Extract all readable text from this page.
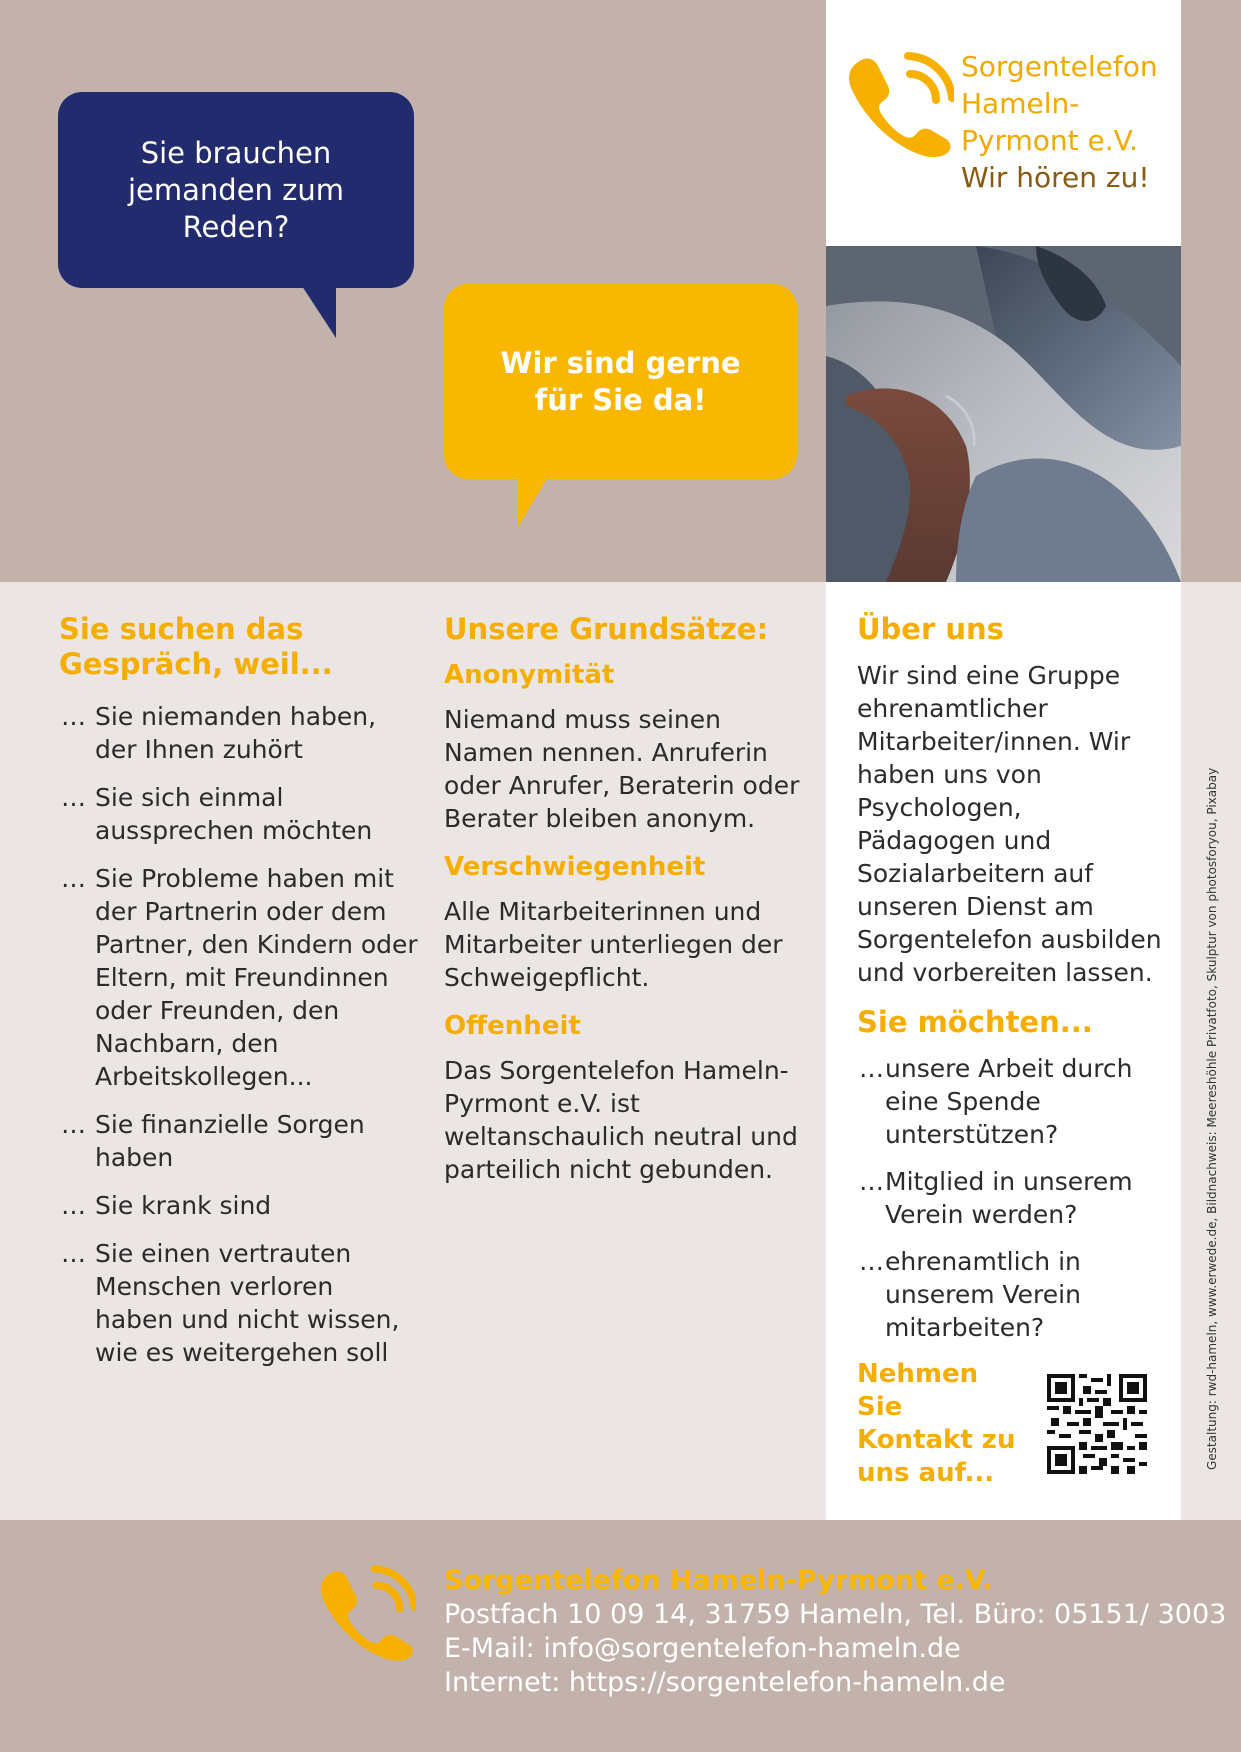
Sie brauchen
jemanden zum
Reden?
Wir sind gerne
für Sie da!
Sorgentelefon
Hameln-
Pyrmont e.V.
Wir hören zu!
Sie suchen das Gespräch, weil...
… Sie niemanden haben, der Ihnen zuhört
… Sie sich einmal aussprechen möchten
… Sie Probleme haben mit der Partnerin oder dem Partner, den Kindern oder Eltern, mit Freundinnen oder Freunden, den Nachbarn, den Arbeitskollegen...
… Sie finanzielle Sorgen haben
… Sie krank sind
… Sie einen vertrauten Menschen verloren haben und nicht wissen, wie es weitergehen soll
Unsere Grundsätze:
Anonymität

Niemand muss seinen Namen nennen. Anruferin oder Anrufer, Beraterin oder Berater bleiben anonym.

Verschwiegenheit

Alle Mitarbeiterinnen und Mitarbeiter unterliegen der Schweigepflicht.

Offenheit

Das Sorgentelefon Hameln-Pyrmont e.V. ist weltanschaulich neutral und parteilich nicht gebunden.

Über uns

Wir sind eine Gruppe ehrenamtlicher Mitarbeiter/innen. Wir haben uns von Psychologen, Pädagogen und Sozialarbeitern auf unseren Dienst am Sorgentelefon ausbilden und vorbereiten lassen.

Sie möchten...
… unsere Arbeit durch eine Spende unterstützen?
… Mitglied in unserem Verein werden?
… ehrenamtlich in unserem Verein mitarbeiten?

Nehmen Sie Kontakt zu uns auf...

Gestaltung: rwd-hameln, www.erwede.de, Bildnachweis: Meereshöhle Privatfoto, Skulptur von photosforyou, Pixabay
Sorgentelefon Hameln-Pyrmont e.V.
Postfach 10 09 14, 31759 Hameln, Tel. Büro: 05151/ 3003
E-Mail: info@sorgentelefon-hameln.de
Internet: https://sorgentelefon-hameln.de
